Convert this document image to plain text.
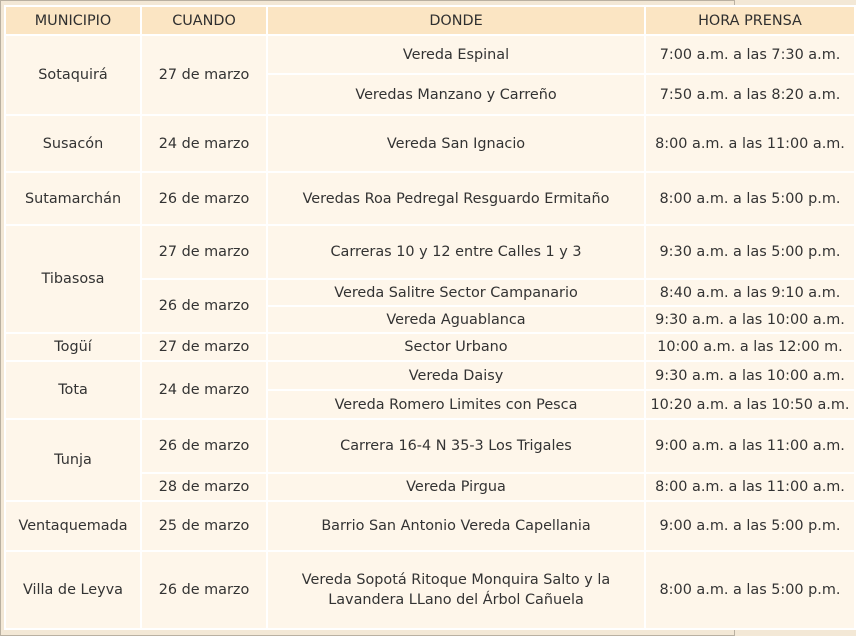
MUNICIPIO	CUANDO	DONDE	HORA PRENSA
Sotaquirá	27 de marzo	Vereda Espinal	7:00 a.m. a las 7:30 a.m.
		Veredas Manzano y Carreño	7:50 a.m. a las 8:20 a.m.
Susacón	24 de marzo	Vereda San Ignacio	8:00 a.m. a las 11:00 a.m.
Sutamarchán	26 de marzo	Veredas Roa Pedregal Resguardo Ermitaño	8:00 a.m. a las 5:00 p.m.
Tibasosa	27 de marzo	Carreras 10 y 12 entre Calles 1 y 3	9:30 a.m. a las 5:00 p.m.
	26 de marzo	Vereda Salitre Sector Campanario	8:40 a.m. a las 9:10 a.m.
		Vereda Aguablanca	9:30 a.m. a las 10:00 a.m.
Togüí	27 de marzo	Sector Urbano	10:00 a.m. a las 12:00 m.
Tota	24 de marzo	Vereda Daisy	9:30 a.m. a las 10:00 a.m.
		Vereda Romero Limites con Pesca	10:20 a.m. a las 10:50 a.m.
Tunja	26 de marzo	Carrera 16-4 N 35-3 Los Trigales	9:00 a.m. a las 11:00 a.m.
	28 de marzo	Vereda Pirgua	8:00 a.m. a las 11:00 a.m.
Ventaquemada	25 de marzo	Barrio San Antonio Vereda Capellania	9:00 a.m. a las 5:00 p.m.
Villa de Leyva	26 de marzo	Vereda Sopotá Ritoque Monquira Salto y la Lavandera LLano del Árbol Cañuela	8:00 a.m. a las 5:00 p.m.
